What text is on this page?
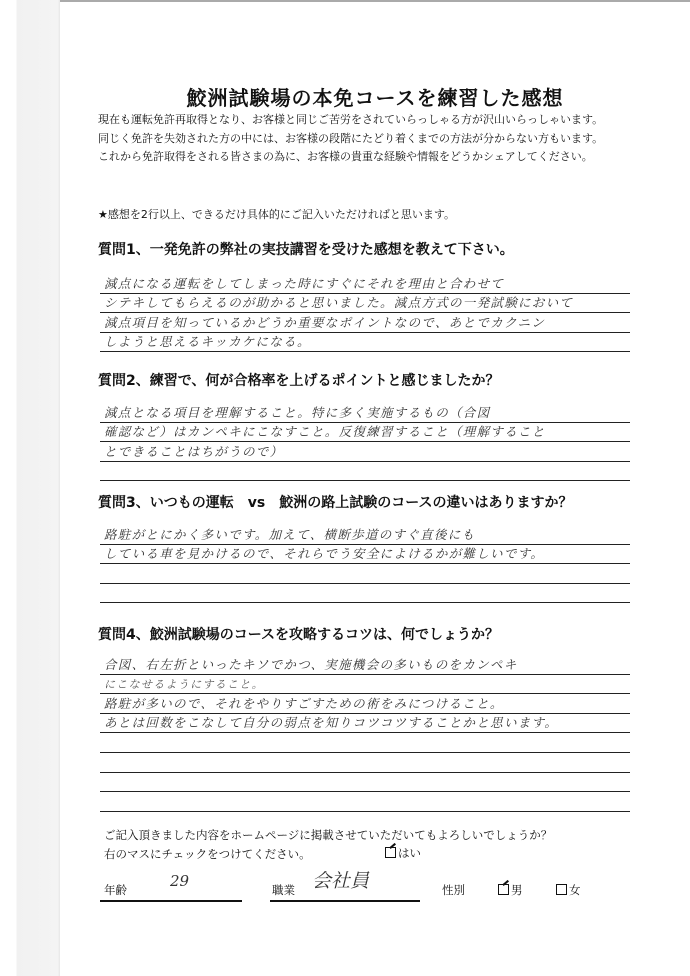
鮫洲試験場の本免コースを練習した感想
現在も運転免許再取得となり、お客様と同じご苦労をされていらっしゃる方が沢山いらっしゃいます。
同じく免許を失効された方の中には、お客様の段階にたどり着くまでの方法が分からない方もいます。
これから免許取得をされる皆さまの為に、お客様の貴重な経験や情報をどうかシェアしてください。
★感想を2行以上、できるだけ具体的にご記入いただければと思います。
質問1、一発免許の弊社の実技講習を受けた感想を教えて下さい。
減点になる運転をしてしまった時にすぐにそれを理由と合わせて
シテキしてもらえるのが助かると思いました。減点方式の一発試験において
減点項目を知っているかどうか重要なポイントなので、あとでカクニン
しようと思えるキッカケになる。
質問2、練習で、何が合格率を上げるポイントと感じましたか？
減点となる項目を理解すること。特に多く実施するもの（合図
確認など）はカンペキにこなすこと。反復練習すること（理解すること
とできることはちがうので）
質問3、いつもの運転　vs　鮫洲の路上試験のコースの違いはありますか？
路駐がとにかく多いです。加えて、横断歩道のすぐ直後にも
している車を見かけるので、それらでう安全によけるかが難しいです。
質問4、鮫洲試験場のコースを攻略するコツは、何でしょうか？
合図、右左折といったキソでかつ、実施機会の多いものをカンペキ
にこなせるようにすること。
路駐が多いので、それをやりすごすための術をみにつけること。
あとは回数をこなして自分の弱点を知りコツコツすることかと思います。
ご記入頂きました内容をホームページに掲載させていただいてもよろしいでしょうか？
右のマスにチェックをつけてください。	はい
年齢	29	職業 会社員	性別	男	女
